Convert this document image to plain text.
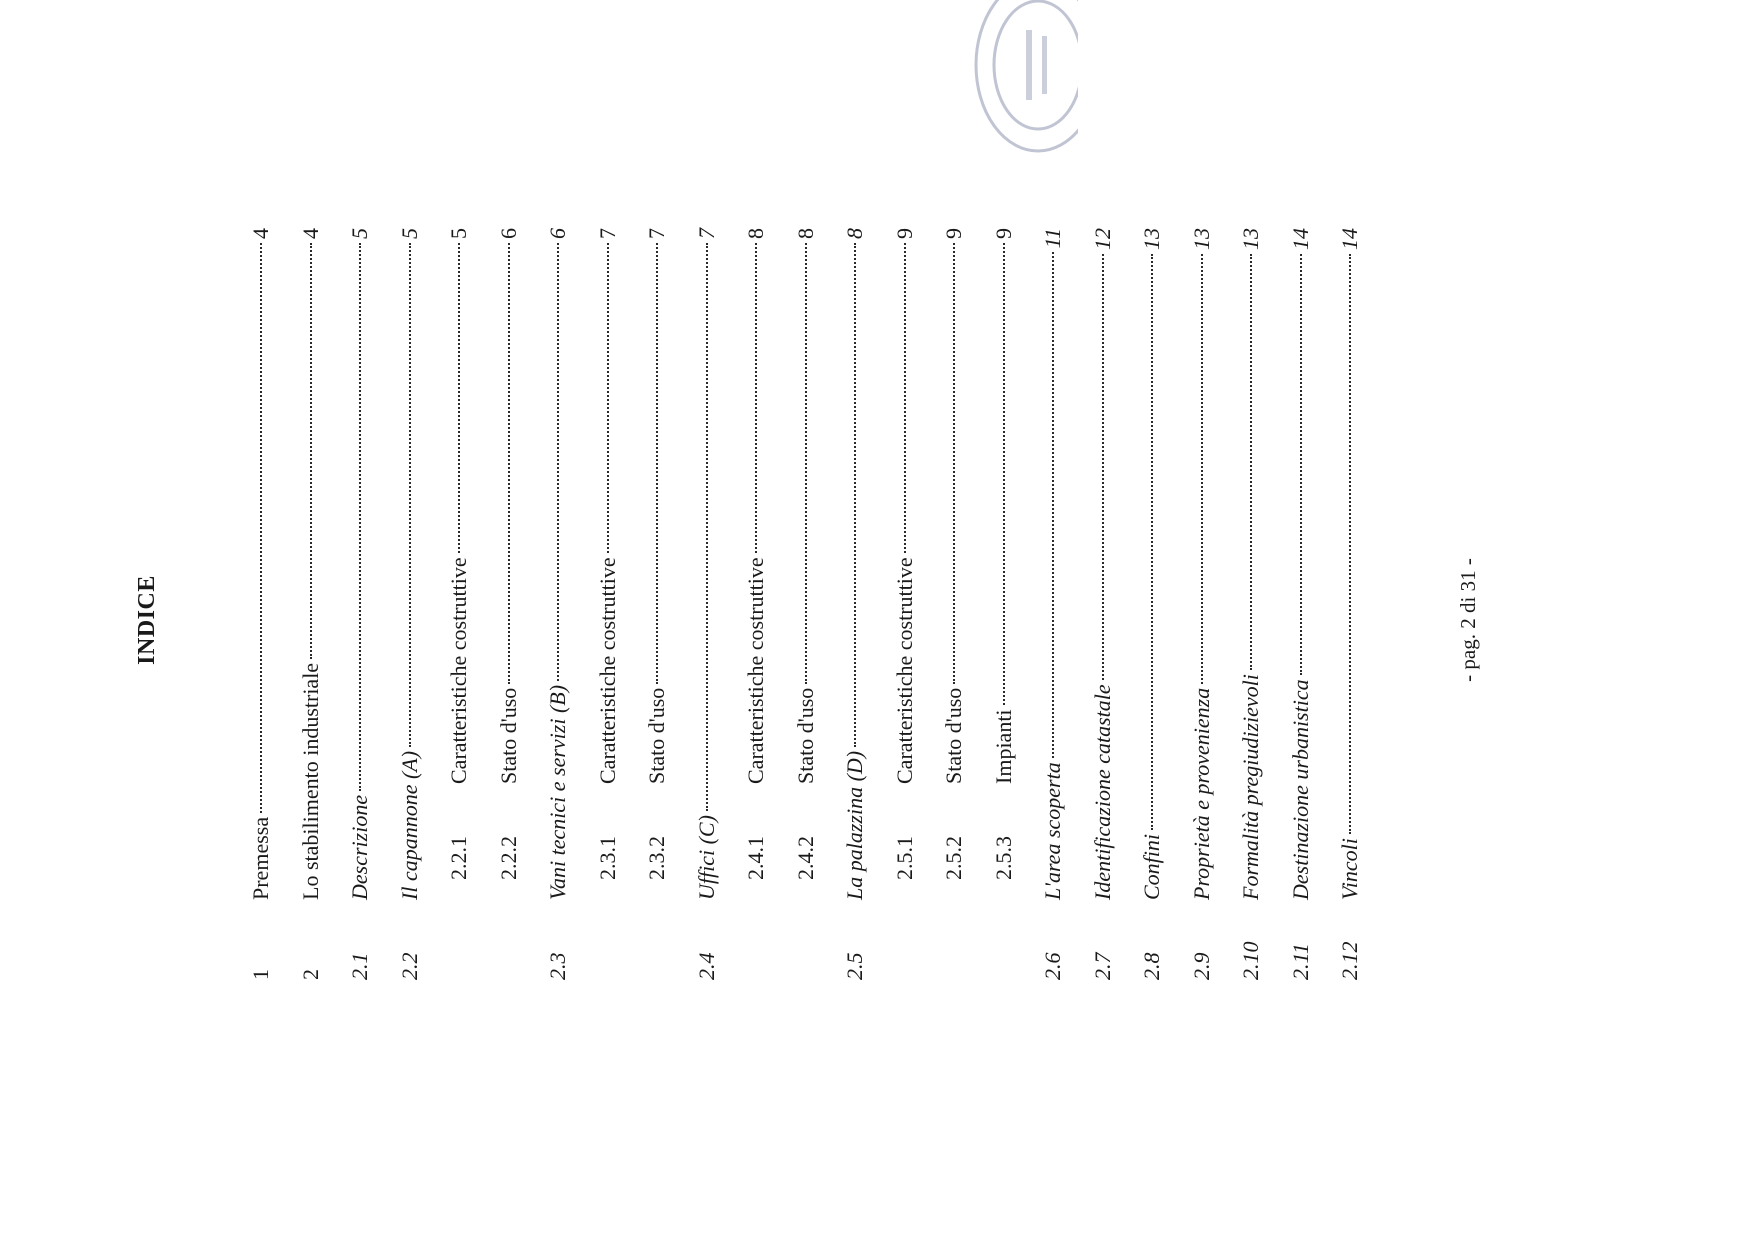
INDICE
1
Premessa
4
2
Lo stabilimento industriale
4
2.1
Descrizione
5
2.2
Il capannone (A)
5
2.2.1
Caratteristiche costruttive
5
2.2.2
Stato d'uso
6
2.3
Vani tecnici e servizi (B)
6
2.3.1
Caratteristiche costruttive
7
2.3.2
Stato d'uso
7
2.4
Uffici (C)
7
2.4.1
Caratteristiche costruttive
8
2.4.2
Stato d'uso
8
2.5
La palazzina (D)
8
2.5.1
Caratteristiche costruttive
9
2.5.2
Stato d'uso
9
2.5.3
Impianti
9
2.6
L'area scoperta
11
2.7
Identificazione catastale
12
2.8
Confini
13
2.9
Proprietà e provenienza
13
2.10
Formalità pregiudizievoli
13
2.11
Destinazione urbanistica
14
2.12
Vincoli
14
- pag. 2 di 31 -
